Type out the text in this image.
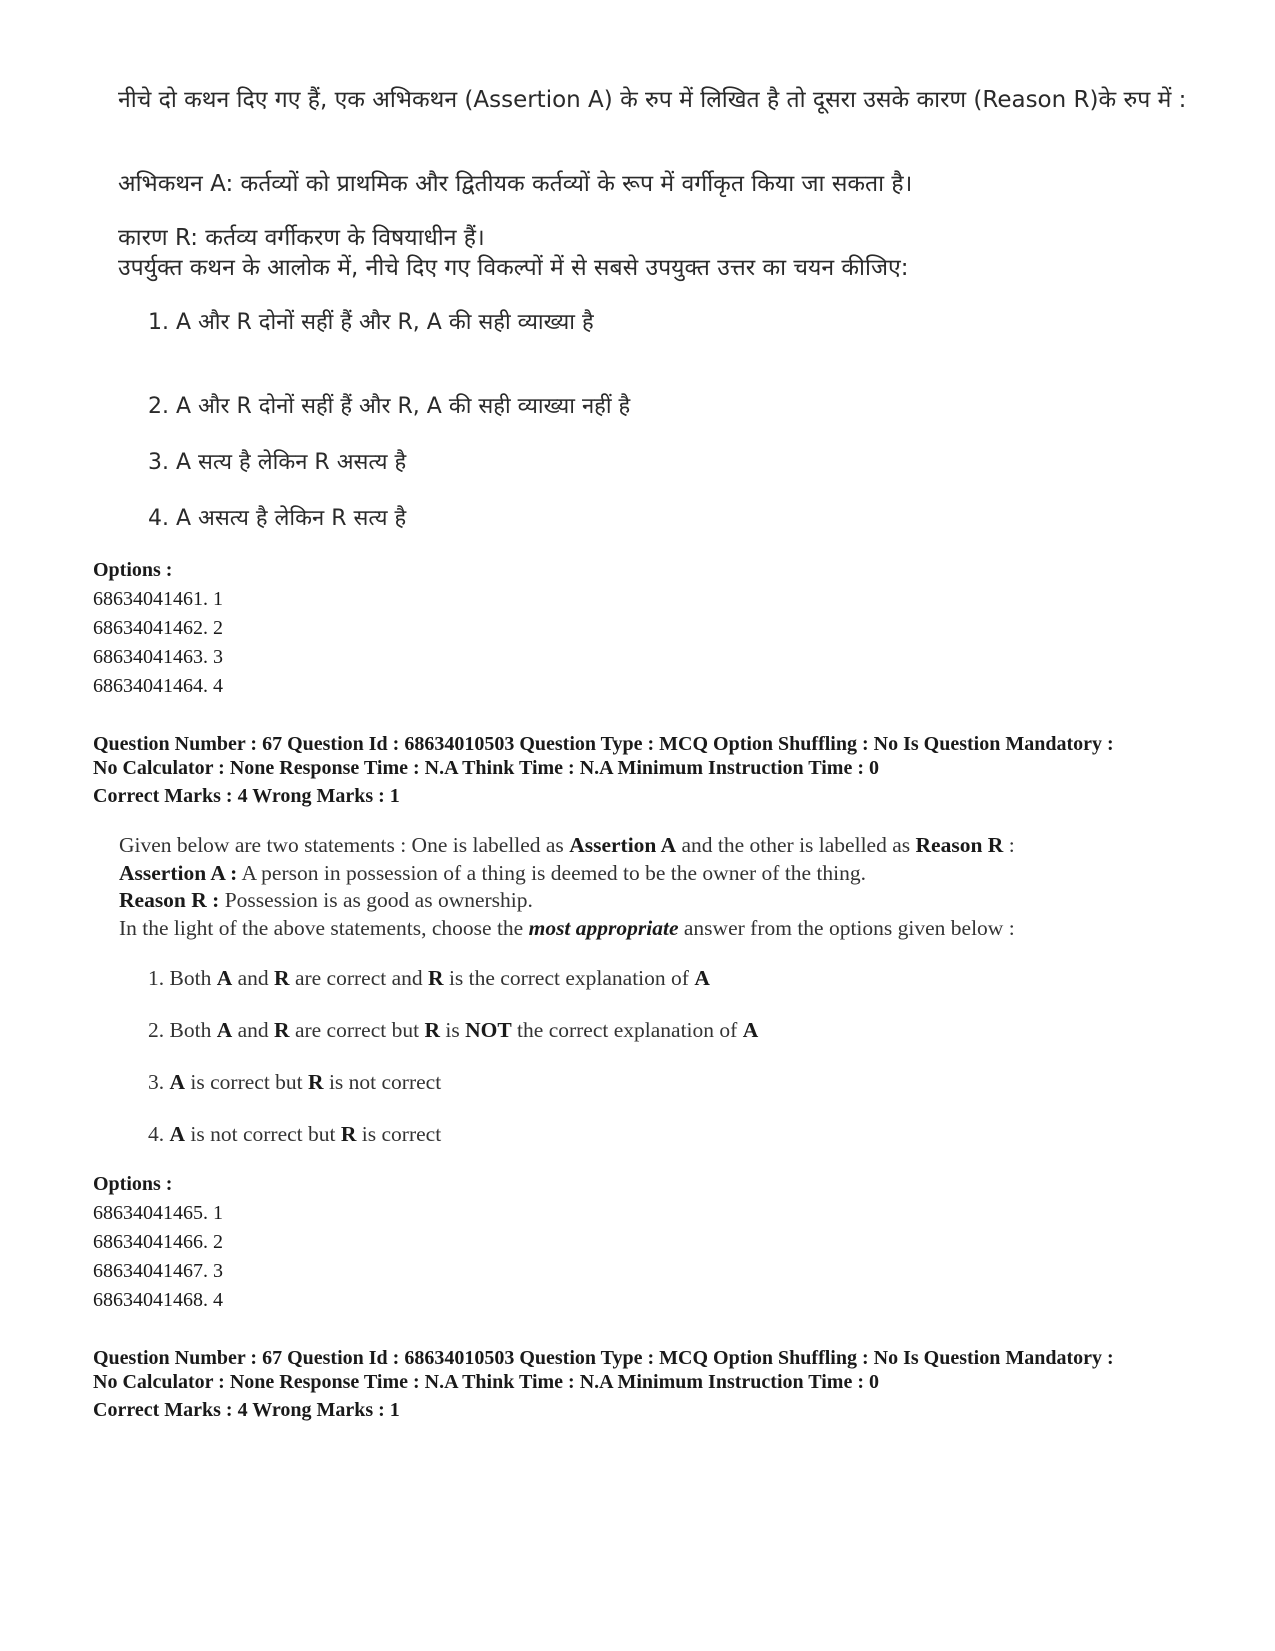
नीचे दो कथन दिए गए हैं, एक अभिकथन (Assertion A) के रुप में लिखित है तो दूसरा उसके कारण (Reason R)के रुप में :
अभिकथन A: कर्तव्यों को प्राथमिक और द्वितीयक कर्तव्यों के रूप में वर्गीकृत किया जा सकता है।
कारण R: कर्तव्य वर्गीकरण के विषयाधीन हैं।
उपर्युक्त कथन के आलोक में, नीचे दिए गए विकल्पों में से सबसे उपयुक्त उत्तर का चयन कीजिए:
1. A और R दोनों सहीं हैं और R, A की सही व्याख्या है
2. A और R दोनों सहीं हैं और R, A की सही व्याख्या नहीं है
3. A सत्य है लेकिन R असत्य है
4. A असत्य है लेकिन R सत्य है
Options :
68634041461. 1
68634041462. 2
68634041463. 3
68634041464. 4
Question Number : 67 Question Id : 68634010503 Question Type : MCQ Option Shuffling : No Is Question Mandatory :
No Calculator : None Response Time : N.A Think Time : N.A Minimum Instruction Time : 0
Correct Marks : 4 Wrong Marks : 1
Given below are two statements : One is labelled as Assertion A and the other is labelled as Reason R :
Assertion A : A person in possession of a thing is deemed to be the owner of the thing.
Reason R : Possession is as good as ownership.
In the light of the above statements, choose the most appropriate answer from the options given below :
1. Both A and R are correct and R is the correct explanation of A
2. Both A and R are correct but R is NOT the correct explanation of A
3. A is correct but R is not correct
4. A is not correct but R is correct
Options :
68634041465. 1
68634041466. 2
68634041467. 3
68634041468. 4
Question Number : 67 Question Id : 68634010503 Question Type : MCQ Option Shuffling : No Is Question Mandatory :
No Calculator : None Response Time : N.A Think Time : N.A Minimum Instruction Time : 0
Correct Marks : 4 Wrong Marks : 1
